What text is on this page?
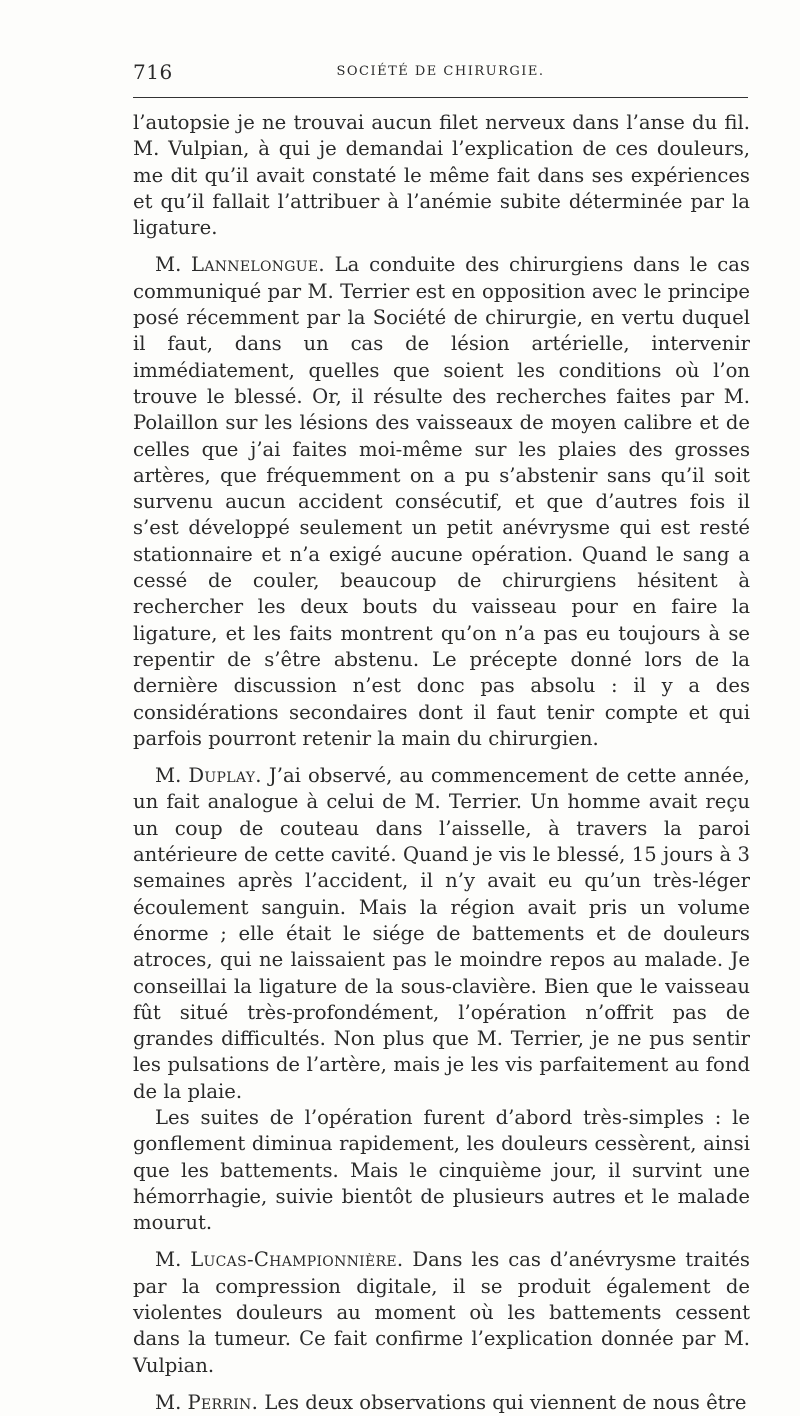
716	SOCIÉTÉ DE CHIRURGIE.

l’autopsie je ne trouvai aucun filet nerveux dans l’anse du fil. M. Vulpian, à qui je demandai l’explication de ces douleurs, me dit qu’il avait constaté le même fait dans ses expériences et qu’il fallait l’attribuer à l’anémie subite déterminée par la ligature.

M. Lannelongue. La conduite des chirurgiens dans le cas communiqué par M. Terrier est en opposition avec le principe posé récemment par la Société de chirurgie, en vertu duquel il faut, dans un cas de lésion artérielle, intervenir immédiatement, quelles que soient les conditions où l’on trouve le blessé. Or, il résulte des recherches faites par M. Polaillon sur les lésions des vaisseaux de moyen calibre et de celles que j’ai faites moi-même sur les plaies des grosses artères, que fréquemment on a pu s’abstenir sans qu’il soit survenu aucun accident consécutif, et que d’autres fois il s’est développé seulement un petit anévrysme qui est resté stationnaire et n’a exigé aucune opération. Quand le sang a cessé de couler, beaucoup de chirurgiens hésitent à rechercher les deux bouts du vaisseau pour en faire la ligature, et les faits montrent qu’on n’a pas eu toujours à se repentir de s’être abstenu. Le précepte donné lors de la dernière discussion n’est donc pas absolu : il y a des considérations secondaires dont il faut tenir compte et qui parfois pourront retenir la main du chirurgien.

M. Duplay. J’ai observé, au commencement de cette année, un fait analogue à celui de M. Terrier. Un homme avait reçu un coup de couteau dans l’aisselle, à travers la paroi antérieure de cette cavité. Quand je vis le blessé, 15 jours à 3 semaines après l’accident, il n’y avait eu qu’un très-léger écoulement sanguin. Mais la région avait pris un volume énorme ; elle était le siége de battements et de douleurs atroces, qui ne laissaient pas le moindre repos au malade. Je conseillai la ligature de la sous-clavière. Bien que le vaisseau fût situé très-profondément, l’opération n’offrit pas de grandes difficultés. Non plus que M. Terrier, je ne pus sentir les pulsations de l’artère, mais je les vis parfaitement au fond de la plaie.

Les suites de l’opération furent d’abord très-simples : le gonflement diminua rapidement, les douleurs cessèrent, ainsi que les battements. Mais le cinquième jour, il survint une hémorrhagie, suivie bientôt de plusieurs autres et le malade mourut.

M. Lucas-Championnière. Dans les cas d’anévrysme traités par la compression digitale, il se produit également de violentes douleurs au moment où les battements cessent dans la tumeur. Ce fait confirme l’explication donnée par M. Vulpian.

M. Perrin. Les deux observations qui viennent de nous être
